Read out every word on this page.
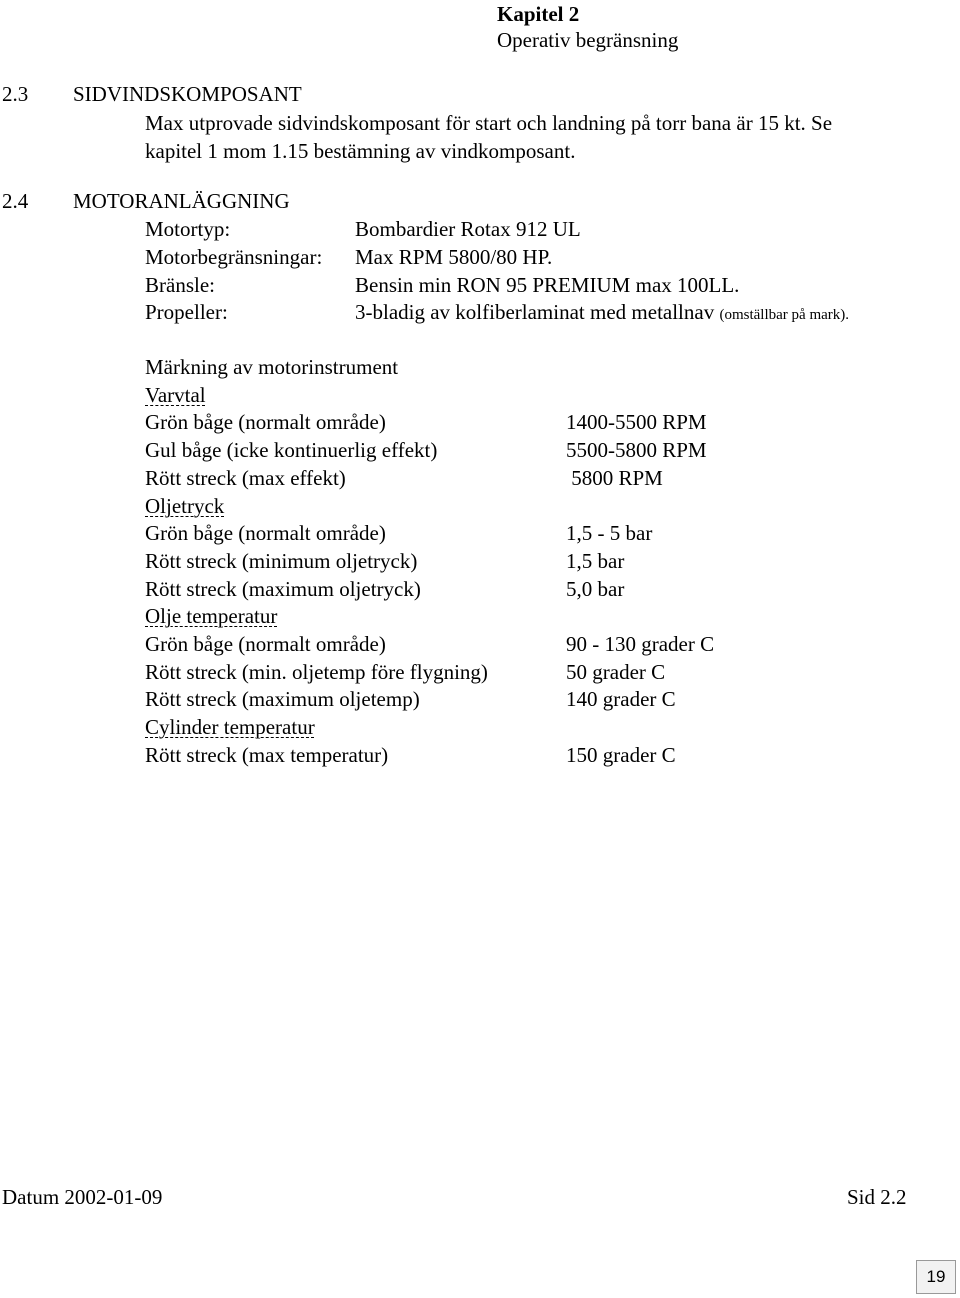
Kapitel 2
Operativ begränsning
2.3 SIDVINDSKOMPOSANT
Max utprovade sidvindskomposant för start och landning på torr bana är 15 kt. Se
kapitel 1 mom 1.15 bestämning av vindkomposant.
2.4 MOTORANLÄGGNING
Motortyp:	Bombardier Rotax 912 UL
Motorbegränsningar: Max RPM 5800/80 HP.
Bränsle:	Bensin min RON 95 PREMIUM max 100LL.
Propeller:	3-bladig av kolfiberlaminat med metallnav (omställbar på mark).
Märkning av motorinstrument
Varvtal
Grön båge (normalt område)	1400-5500 RPM
Gul båge (icke kontinuerlig effekt)	5500-5800 RPM
Rött streck (max effekt)	5800 RPM
Oljetryck
Grön båge (normalt område)	1,5 - 5 bar
Rött streck (minimum oljetryck)	1,5 bar
Rött streck (maximum oljetryck)	5,0 bar
Olje temperatur
Grön båge (normalt område)	90 - 130 grader C
Rött streck (min. oljetemp före flygning)	50 grader C
Rött streck (maximum oljetemp)	140 grader C
Cylinder temperatur
Rött streck (max temperatur)	150 grader C
Datum 2002-01-09	Sid 2.2
19
